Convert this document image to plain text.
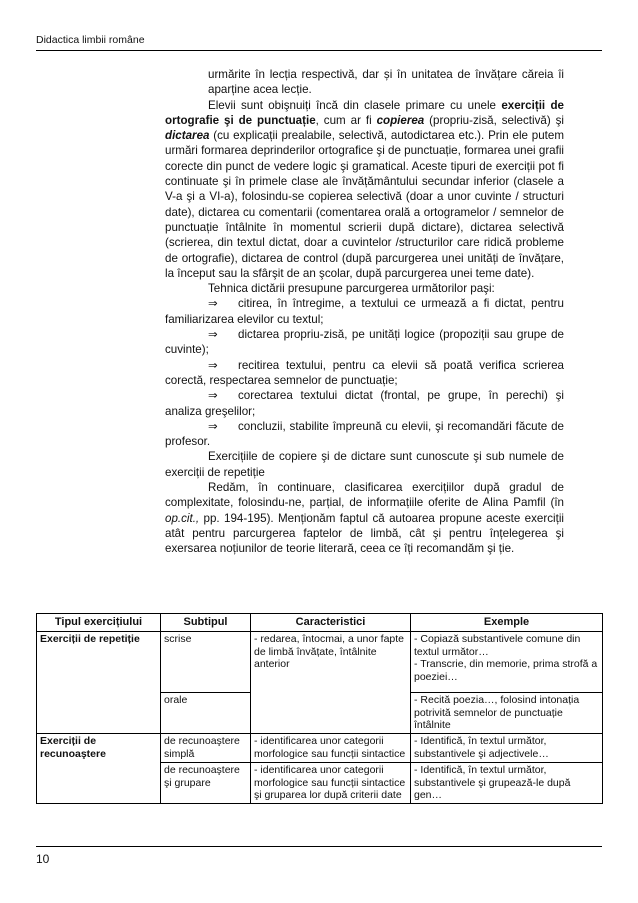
Didactica limbii române

urmărite în lecția respectivă, dar și în unitatea de învățare căreia îi aparține acea lecție.

Elevii sunt obişnuiți încă din clasele primare cu unele exerciții de ortografie şi de punctuație, cum ar fi copierea (propriu-zisă, selectivă) şi dictarea (cu explicații prealabile, selectivă, autodictarea etc.). Prin ele putem urmări formarea deprinderilor ortografice şi de punctuație, formarea unei grafii corecte din punct de vedere logic şi gramatical. Aceste tipuri de exerciții pot fi continuate şi în primele clase ale învățământului secundar inferior (clasele a V-a şi a VI-a), folosindu-se copierea selectivă (doar a unor cuvinte / structuri date), dictarea cu comentarii (comentarea orală a ortogramelor / semnelor de punctuație întâlnite în momentul scrierii după dictare), dictarea selectivă (scrierea, din textul dictat, doar a cuvintelor /structurilor care ridică probleme de ortografie), dictarea de control (după parcurgerea unei unități de învățare, la început sau la sfârşit de an şcolar, după parcurgerea unei teme date).

Tehnica dictării presupune parcurgerea următorilor paşi:

⇒ citirea, în întregime, a textului ce urmează a fi dictat, pentru familiarizarea elevilor cu textul;

⇒ dictarea propriu-zisă, pe unități logice (propoziții sau grupe de cuvinte);

⇒ recitirea textului, pentru ca elevii să poată verifica scrierea corectă, respectarea semnelor de punctuație;

⇒ corectarea textului dictat (frontal, pe grupe, în perechi) şi analiza greşelilor;

⇒ concluzii, stabilite împreună cu elevii, şi recomandări făcute de profesor.

Exercițiile de copiere şi de dictare sunt cunoscute şi sub numele de exerciții de repetiție

Redăm, în continuare, clasificarea exercițiilor după gradul de complexitate, folosindu-ne, parțial, de informațiile oferite de Alina Pamfil (în op.cit., pp. 194-195). Menționăm faptul că autoarea propune aceste exerciții atât pentru parcurgerea faptelor de limbă, cât şi pentru înțelegerea şi exersarea noțiunilor de teorie literară, ceea ce îți recomandăm şi ție.

Tipul exercițiului	Subtipul	Caracteristici	Exemple
Exerciții de repetiție	scrise	- redarea, întocmai, a unor fapte de limbă învățate, întâlnite anterior	- Copiază substantivele comune din textul următor…
- Transcrie, din memorie, prima strofă a poeziei…

	orale		- Recită poezia…, folosind intonația potrivită semnelor de punctuație întâlnite
Exerciții de recunoaştere	de recunoaştere simplă	- identificarea unor categorii morfologice sau funcții sintactice	- Identifică, în textul următor, substantivele şi adjectivele…
	de recunoaştere şi grupare	- identificarea unor categorii morfologice sau funcții sintactice şi gruparea lor după criterii date	- Identifică, în textul următor, substantivele şi grupează-le după gen…
10
